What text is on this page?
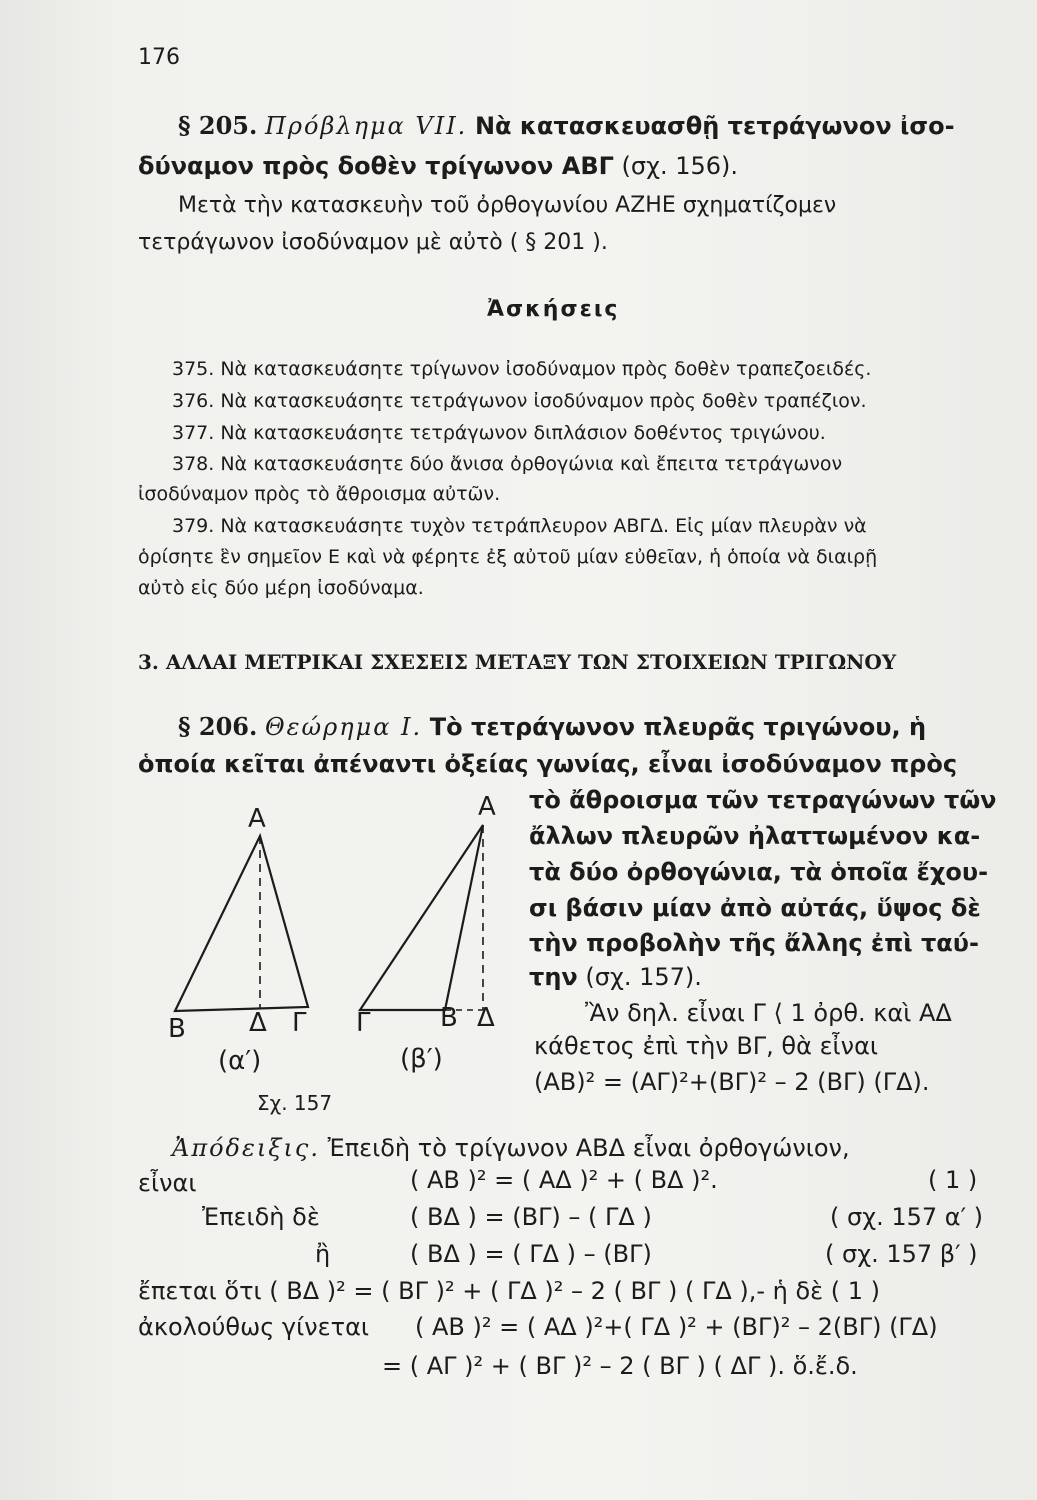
176
§ 205. Πρόβλημα VII. Νὰ κατασκευασθῇ τετράγωνον ἰσο-
δύναμον πρὸς δοθὲν τρίγωνον ΑΒΓ (σχ. 156).
Μετὰ τὴν κατασκευὴν τοῦ ὀρθογωνίου ΑΖΗΕ σχηματίζομεν
τετράγωνον ἰσοδύναμον μὲ αὐτὸ ( § 201 ).
Ἀσκήσεις
375. Νὰ κατασκευάσητε τρίγωνον ἰσοδύναμον πρὸς δοθὲν τραπεζοειδές.
376. Νὰ κατασκευάσητε τετράγωνον ἰσοδύναμον πρὸς δοθὲν τραπέζιον.
377. Νὰ κατασκευάσητε τετράγωνον διπλάσιον δοθέντος τριγώνου.
378. Νὰ κατασκευάσητε δύο ἄνισα ὀρθογώνια καὶ ἔπειτα τετράγωνον
ἰσοδύναμον πρὸς τὸ ἄθροισμα αὐτῶν.
379. Νὰ κατασκευάσητε τυχὸν τετράπλευρον ΑΒΓΔ. Εἰς μίαν πλευρὰν νὰ
ὁρίσητε ἓν σημεῖον Ε καὶ νὰ φέρητε ἐξ αὐτοῦ μίαν εὐθεῖαν, ἡ ὁποία νὰ διαιρῇ
αὐτὸ εἰς δύο μέρη ἰσοδύναμα.
3. ΑΛΛΑΙ ΜΕΤΡΙΚΑΙ ΣΧΕΣΕΙΣ ΜΕΤΑΞΥ ΤΩΝ ΣΤΟΙΧΕΙΩΝ ΤΡΙΓΩΝΟΥ
§ 206. Θεώρημα Ι. Τὸ τετράγωνον πλευρᾶς τριγώνου, ἡ
ὁποία κεῖται ἀπέναντι ὀξείας γωνίας, εἶναι ἰσοδύναμον πρὸς
τὸ ἄθροισμα τῶν τετραγώνων τῶν
ἄλλων πλευρῶν ἠλαττωμένον κα-
τὰ δύο ὀρθογώνια, τὰ ὁποῖα ἔχου-
σι βάσιν μίαν ἀπὸ αὐτάς, ὕψος δὲ
τὴν προβολὴν τῆς ἄλλης ἐπὶ ταύ-
την (σχ. 157).
Ἂν δηλ. εἶναι Γ ⟨ 1 ὀρθ. καὶ ΑΔ
κάθετος ἐπὶ τὴν ΒΓ, θὰ εἶναι
(ΑΒ)² = (ΑΓ)²+(ΒΓ)² – 2 (ΒΓ) (ΓΔ).
Α
Β Δ Γ
Α
Γ	Β Δ
(α′)	(β′)
Σχ. 157
Ἀπόδειξις. Ἐπειδὴ τὸ τρίγωνον ΑΒΔ εἶναι ὀρθογώνιον,
εἶναι	( ΑΒ )² = ( ΑΔ )² + ( ΒΔ )².	( 1 )
Ἐπειδὴ δὲ	( ΒΔ ) = (ΒΓ) – ( ΓΔ )	( σχ. 157 α′ )
ἢ	( ΒΔ ) = ( ΓΔ ) – (ΒΓ)	( σχ. 157 β′ )
ἔπεται ὅτι ( ΒΔ )² = ( ΒΓ )² + ( ΓΔ )² – 2 ( ΒΓ ) ( ΓΔ ),- ἡ δὲ ( 1 )
ἀκολούθως γίνεται ( ΑΒ )² = ( ΑΔ )²+( ΓΔ )² + (ΒΓ)² – 2(ΒΓ) (ΓΔ)
= ( ΑΓ )² + ( ΒΓ )² – 2 ( ΒΓ ) ( ΔΓ ). ὅ.ἔ.δ.
